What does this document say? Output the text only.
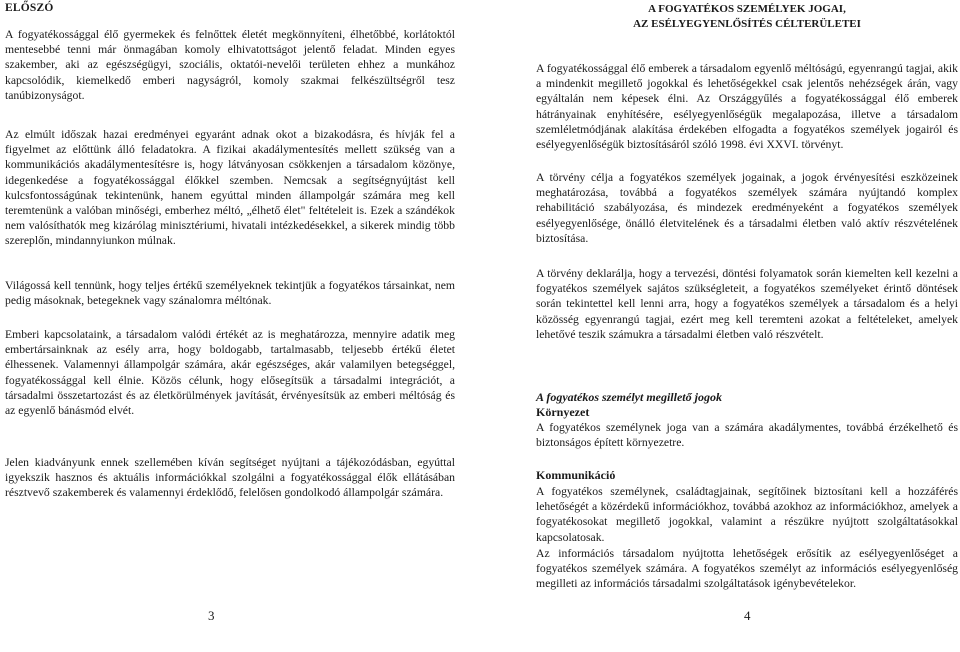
ELŐSZÓ

A fogyatékossággal élő gyermekek és felnőttek életét megkönnyíteni, élhetőbbé, korlátoktól mentesebbé tenni már önmagában komoly elhivatottságot jelentő feladat. Minden egyes szakember, aki az egészségügyi, szociális, oktatói-nevelői területen ehhez a munkához kapcsolódik, kiemelkedő emberi nagyságról, komoly szakmai felkészültségről tesz tanúbizonyságot.

Az elmúlt időszak hazai eredményei egyaránt adnak okot a bizakodásra, és hívják fel a figyelmet az előttünk álló feladatokra. A fizikai akadálymentesítés mellett szükség van a kommunikációs akadálymentesítésre is, hogy látványosan csökkenjen a társadalom közönye, idegenkedése a fogyatékossággal élőkkel szemben. Nemcsak a segítségnyújtást kell kulcsfontosságúnak tekintenünk, hanem egyúttal minden állampolgár számára meg kell teremtenünk a valóban minőségi, emberhez méltó, „élhető élet" feltételeit is. Ezek a szándékok nem valósíthatók meg kizárólag minisztériumi, hivatali intézkedésekkel, a sikerek mindig több szereplőn, mindannyiunkon múlnak.

Világossá kell tennünk, hogy teljes értékű személyeknek tekintjük a fogyatékos társainkat, nem pedig másoknak, betegeknek vagy szánalomra méltónak.

Emberi kapcsolataink, a társadalom valódi értékét az is meghatározza, mennyire adatik meg embertársainknak az esély arra, hogy boldogabb, tartalmasabb, teljesebb értékű életet élhessenek. Valamennyi állampolgár számára, akár egészséges, akár valamilyen betegséggel, fogyatékossággal kell élnie. Közös célunk, hogy elősegítsük a társadalmi integrációt, a társadalmi összetartozást és az életkörülmények javítását, érvényesítsük az emberi méltóság és az egyenlő bánásmód elvét.

Jelen kiadványunk ennek szellemében kíván segítséget nyújtani a tájékozódásban, egyúttal igyekszik hasznos és aktuális információkkal szolgálni a fogyatékossággal élők ellátásában résztvevő szakemberek és valamennyi érdeklődő, felelősen gondolkodó állampolgár számára.

3
A FOGYATÉKOS SZEMÉLYEK JOGAI,
AZ ESÉLYEGYENLŐSÍTÉS CÉLTERÜLETEI

A fogyatékossággal élő emberek a társadalom egyenlő méltóságú, egyenrangú tagjai, akik a mindenkit megillető jogokkal és lehetőségekkel csak jelentős nehézségek árán, vagy egyáltalán nem képesek élni. Az Országgyűlés a fogyatékossággal élő emberek hátrányainak enyhítésére, esélyegyenlőségük megalapozása, illetve a társadalom szemléletmódjának alakítása érdekében elfogadta a fogyatékos személyek jogairól és esélyegyenlőségük biztosításáról szóló 1998. évi XXVI. törvényt.

A törvény célja a fogyatékos személyek jogainak, a jogok érvényesítési eszközeinek meghatározása, továbbá a fogyatékos személyek számára nyújtandó komplex rehabilitáció szabályozása, és mindezek eredményeként a fogyatékos személyek esélyegyenlősége, önálló életvitelének és a társadalmi életben való aktív részvételének biztosítása.

A törvény deklarálja, hogy a tervezési, döntési folyamatok során kiemelten kell kezelni a fogyatékos személyek sajátos szükségleteit, a fogyatékos személyeket érintő döntések során tekintettel kell lenni arra, hogy a fogyatékos személyek a társadalom és a helyi közösség egyenrangú tagjai, ezért meg kell teremteni azokat a feltételeket, amelyek lehetővé teszik számukra a társadalmi életben való részvételt.

A fogyatékos személyt megillető jogok
Környezet

A fogyatékos személynek joga van a számára akadálymentes, továbbá érzékelhető és biztonságos épített környezetre.

Kommunikáció

A fogyatékos személynek, családtagjainak, segítőinek biztosítani kell a hozzáférés lehetőségét a közérdekű információkhoz, továbbá azokhoz az információkhoz, amelyek a fogyatékosokat megillető jogokkal, valamint a részükre nyújtott szolgáltatásokkal kapcsolatosak.

Az információs társadalom nyújtotta lehetőségek erősítik az esélyegyenlőséget a fogyatékos személyek számára. A fogyatékos személyt az információs esélyegyenlőség megilleti az információs társadalmi szolgáltatások igénybevételekor.

4
